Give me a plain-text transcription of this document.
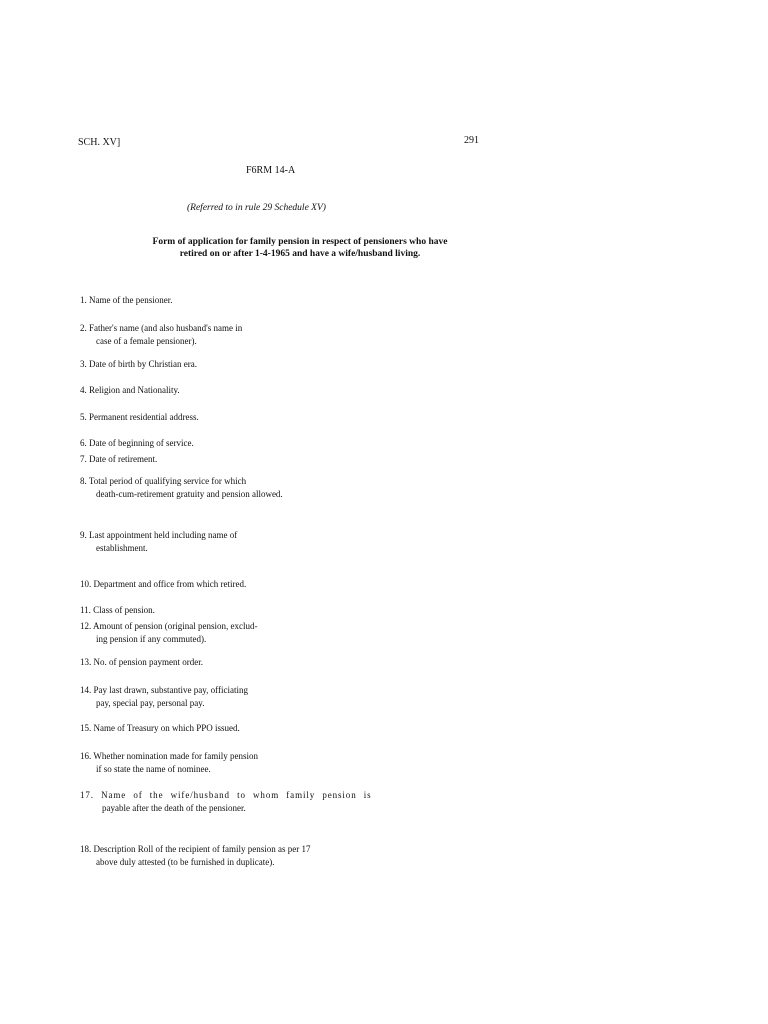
SCH. XV]	291
F6RM 14-A
(Referred to in rule 29 Schedule XV)
Form of application for family pension in respect of pensioners who have
retired on or after 1-4-1965 and have a wife/husband living.
1. Name of the pensioner.
2. Father's name (and also husband's name in
case of a female pensioner).
3. Date of birth by Christian era.
4. Religion and Nationality.
5. Permanent residential address.
6. Date of beginning of service.
7. Date of retirement.
8. Total period of qualifying service for which
death-cum-retirement gratuity and pension allowed.
9. Last appointment held including name of
establishment.
10. Department and office from which retired.
11. Class of pension.
12. Amount of pension (original pension, exclud-
ing pension if any commuted).
13. No. of pension payment order.
14. Pay last drawn, substantive pay, officiating
pay, special pay, personal pay.
15. Name of Treasury on which PPO issued.
16. Whether nomination made for family pension
if so state the name of nominee.
17. Name of the wife/husband to whom family pension is
payable after the death of the pensioner.
18. Description Roll of the recipient of family pension as per 17
above duly attested (to be furnished in duplicate).
